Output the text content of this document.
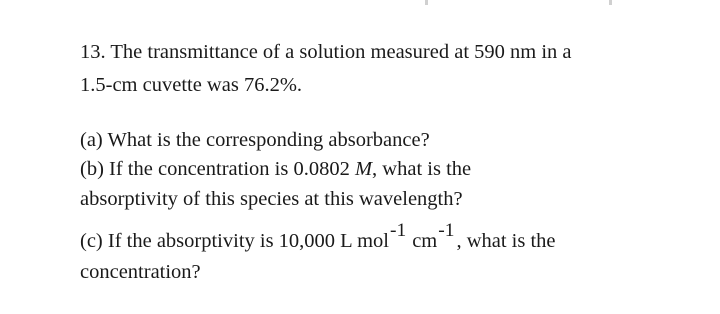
13. The transmittance of a solution measured at 590 nm in a
1.5-cm cuvette was 76.2%.
(a) What is the corresponding absorbance?
(b) If the concentration is 0.0802 M, what is the
absorptivity of this species at this wavelength?
(c) If the absorptivity is 10,000 L mol-1 cm-1, what is the
concentration?
